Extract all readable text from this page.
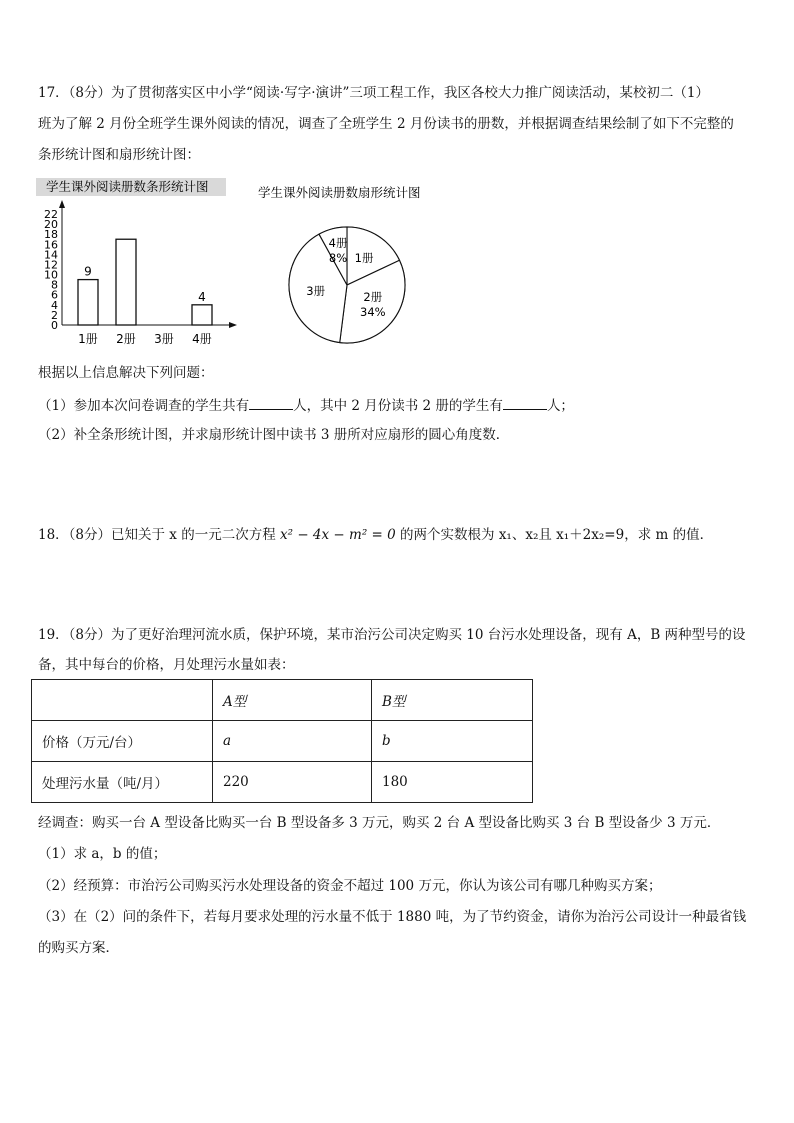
17．（8分）为了贯彻落实区中小学“阅读·写字·演讲”三项工程工作，我区各校大力推广阅读活动，某校初二（1）
班为了解 2 月份全班学生课外阅读的情况，调查了全班学生 2 月份读书的册数，并根据调查结果绘制了如下不完整的
条形统计图和扇形统计图：
学生课外阅读册数条形统计图
0
2
4
6
8
10
12
14
16
18
20
22
9
1册 2册 3册
4
4册
学生课外阅读册数扇形统计图
1册
2册
34%
3册
4册
8%
根据以上信息解决下列问题：
（1）参加本次问卷调查的学生共有	人，其中 2 月份读书 2 册的学生有	人；
（2）补全条形统计图，并求扇形统计图中读书 3 册所对应扇形的圆心角度数．
18．（8分）已知关于 x 的一元二次方程 x² − 4x − m² = 0 的两个实数根为 x₁、x₂且 x₁＋2x₂=9，求 m 的值．
19．（8分）为了更好治理河流水质，保护环境，某市治污公司决定购买 10 台污水处理设备，现有 A，B 两种型号的设
备，其中每台的价格，月处理污水量如表：
	A型	B型
价格（万元/台）	a	b
处理污水量（吨/月）	220	180
经调查：购买一台 A 型设备比购买一台 B 型设备多 3 万元，购买 2 台 A 型设备比购买 3 台 B 型设备少 3 万元．
（1）求 a，b 的值；
（2）经预算：市治污公司购买污水处理设备的资金不超过 100 万元，你认为该公司有哪几种购买方案；
（3）在（2）问的条件下，若每月要求处理的污水量不低于 1880 吨，为了节约资金，请你为治污公司设计一种最省钱
的购买方案．
